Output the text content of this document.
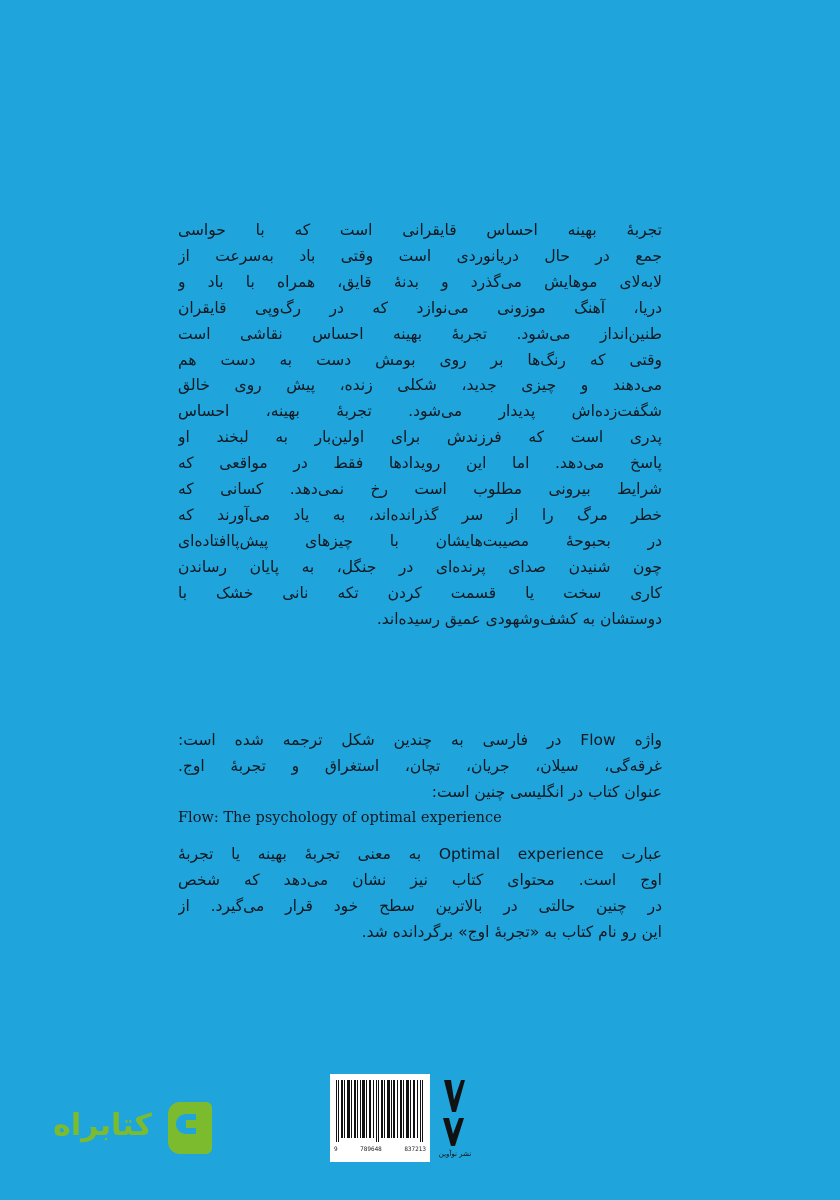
تجربهٔ بهینه احساس قایقرانی است که با حواسی
جمع در حال دریانوردی است وقتی باد به‌سرعت از
لابه‌لای موهایش می‌گذرد و بدنهٔ قایق، همراه با باد و
دریا، آهنگ موزونی می‌نوازد که در رگ‌وپی قایقران
طنین‌انداز می‌شود. تجربهٔ بهینه احساس نقاشی است
وقتی که رنگ‌ها بر روی بومش دست به دست هم
می‌دهند و چیزی جدید، شکلی زنده، پیش روی خالق
شگفت‌زده‌اش پدیدار می‌شود. تجربهٔ بهینه، احساس
پدری است که فرزندش برای اولین‌بار به لبخند او
پاسخ می‌دهد. اما این رویدادها فقط در مواقعی که
شرایط بیرونی مطلوب است رخ نمی‌دهد. کسانی که
خطر مرگ را از سر گذرانده‌اند، به یاد می‌آورند که
در بحبوحهٔ مصیبت‌هایشان با چیزهای پیش‌پاافتاده‌ای
چون شنیدن صدای پرنده‌ای در جنگل، به پایان رساندن
کاری سخت یا قسمت کردن تکه نانی خشک با
دوستشان به کشف‌وشهودی عمیق رسیده‌اند.
واژه Flow در فارسی به چندین شکل ترجمه شده است:
غرقه‌گی، سیلان، جریان، تچان، استغراق و تجربهٔ اوج.
عنوان کتاب در انگلیسی چنین است:
Flow: The psychology of optimal experience
عبارت Optimal experience به معنی تجربهٔ بهینه یا تجربهٔ
اوج است. محتوای کتاب نیز نشان می‌دهد که شخص
در چنین حالتی در بالاترین سطح خود قرار می‌گیرد. از
این رو نام کتاب به «تجربهٔ اوج» برگردانده شد.
9	789648	837213
نشر نوآوین
کتابراه
